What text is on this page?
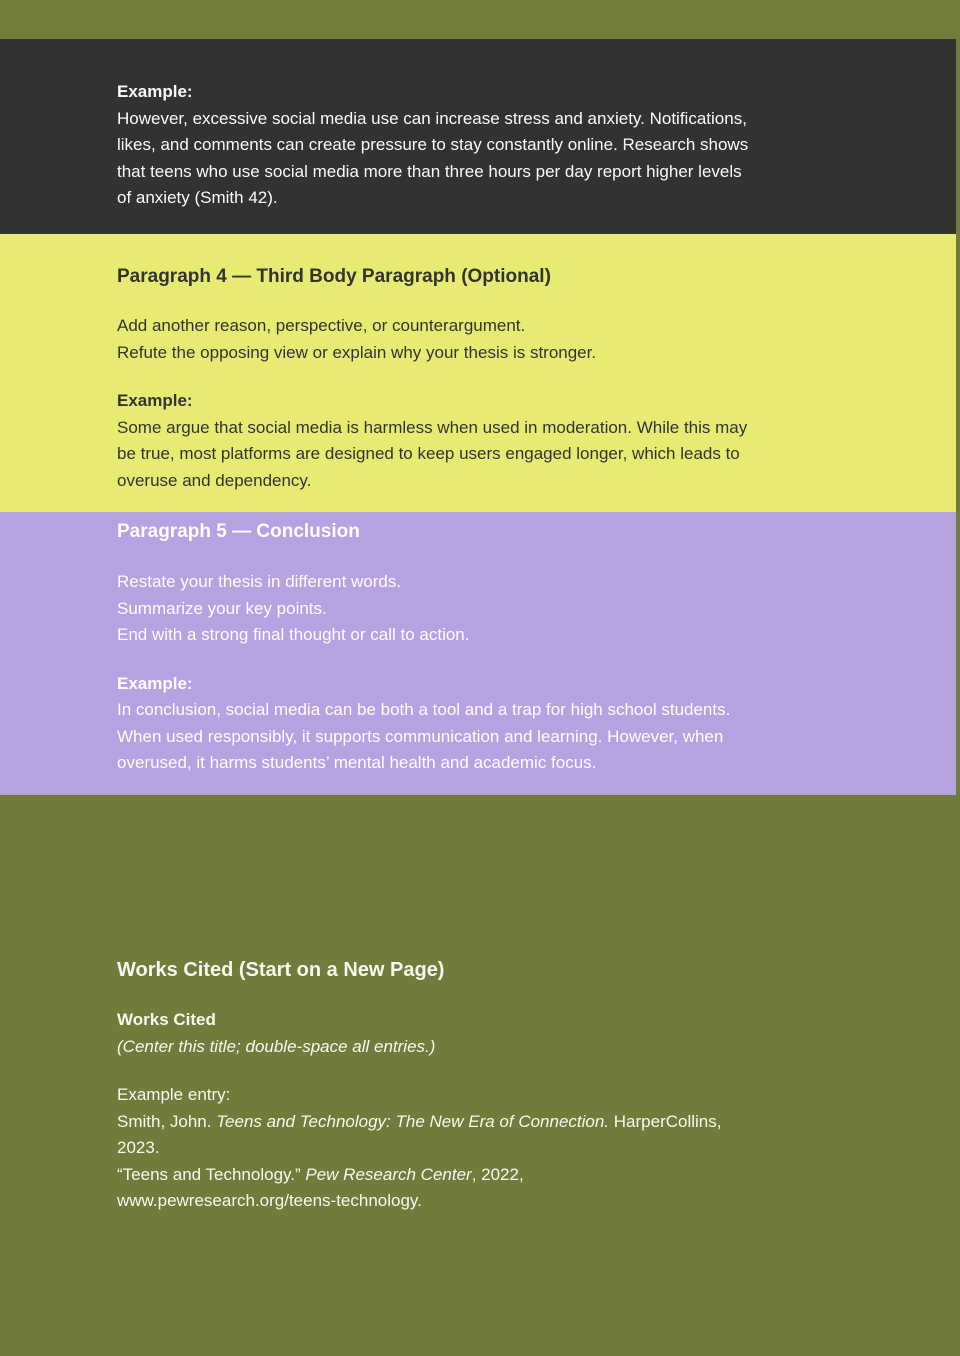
Example:

However, excessive social media use can increase stress and anxiety. Notifications,

likes, and comments can create pressure to stay constantly online. Research shows

that teens who use social media more than three hours per day report higher levels

of anxiety (Smith 42).

Paragraph 4 — Third Body Paragraph (Optional)

Add another reason, perspective, or counterargument.

Refute the opposing view or explain why your thesis is stronger.

Example:

Some argue that social media is harmless when used in moderation. While this may

be true, most platforms are designed to keep users engaged longer, which leads to

overuse and dependency.

Paragraph 5 — Conclusion

Restate your thesis in different words.

Summarize your key points.

End with a strong final thought or call to action.

Example:

In conclusion, social media can be both a tool and a trap for high school students.

When used responsibly, it supports communication and learning. However, when

overused, it harms students’ mental health and academic focus.

Works Cited (Start on a New Page)

Works Cited

(Center this title; double-space all entries.)

Example entry:

Smith, John. Teens and Technology: The New Era of Connection. HarperCollins,

2023.

“Teens and Technology.” Pew Research Center, 2022,

www.pewresearch.org/teens-technology.
